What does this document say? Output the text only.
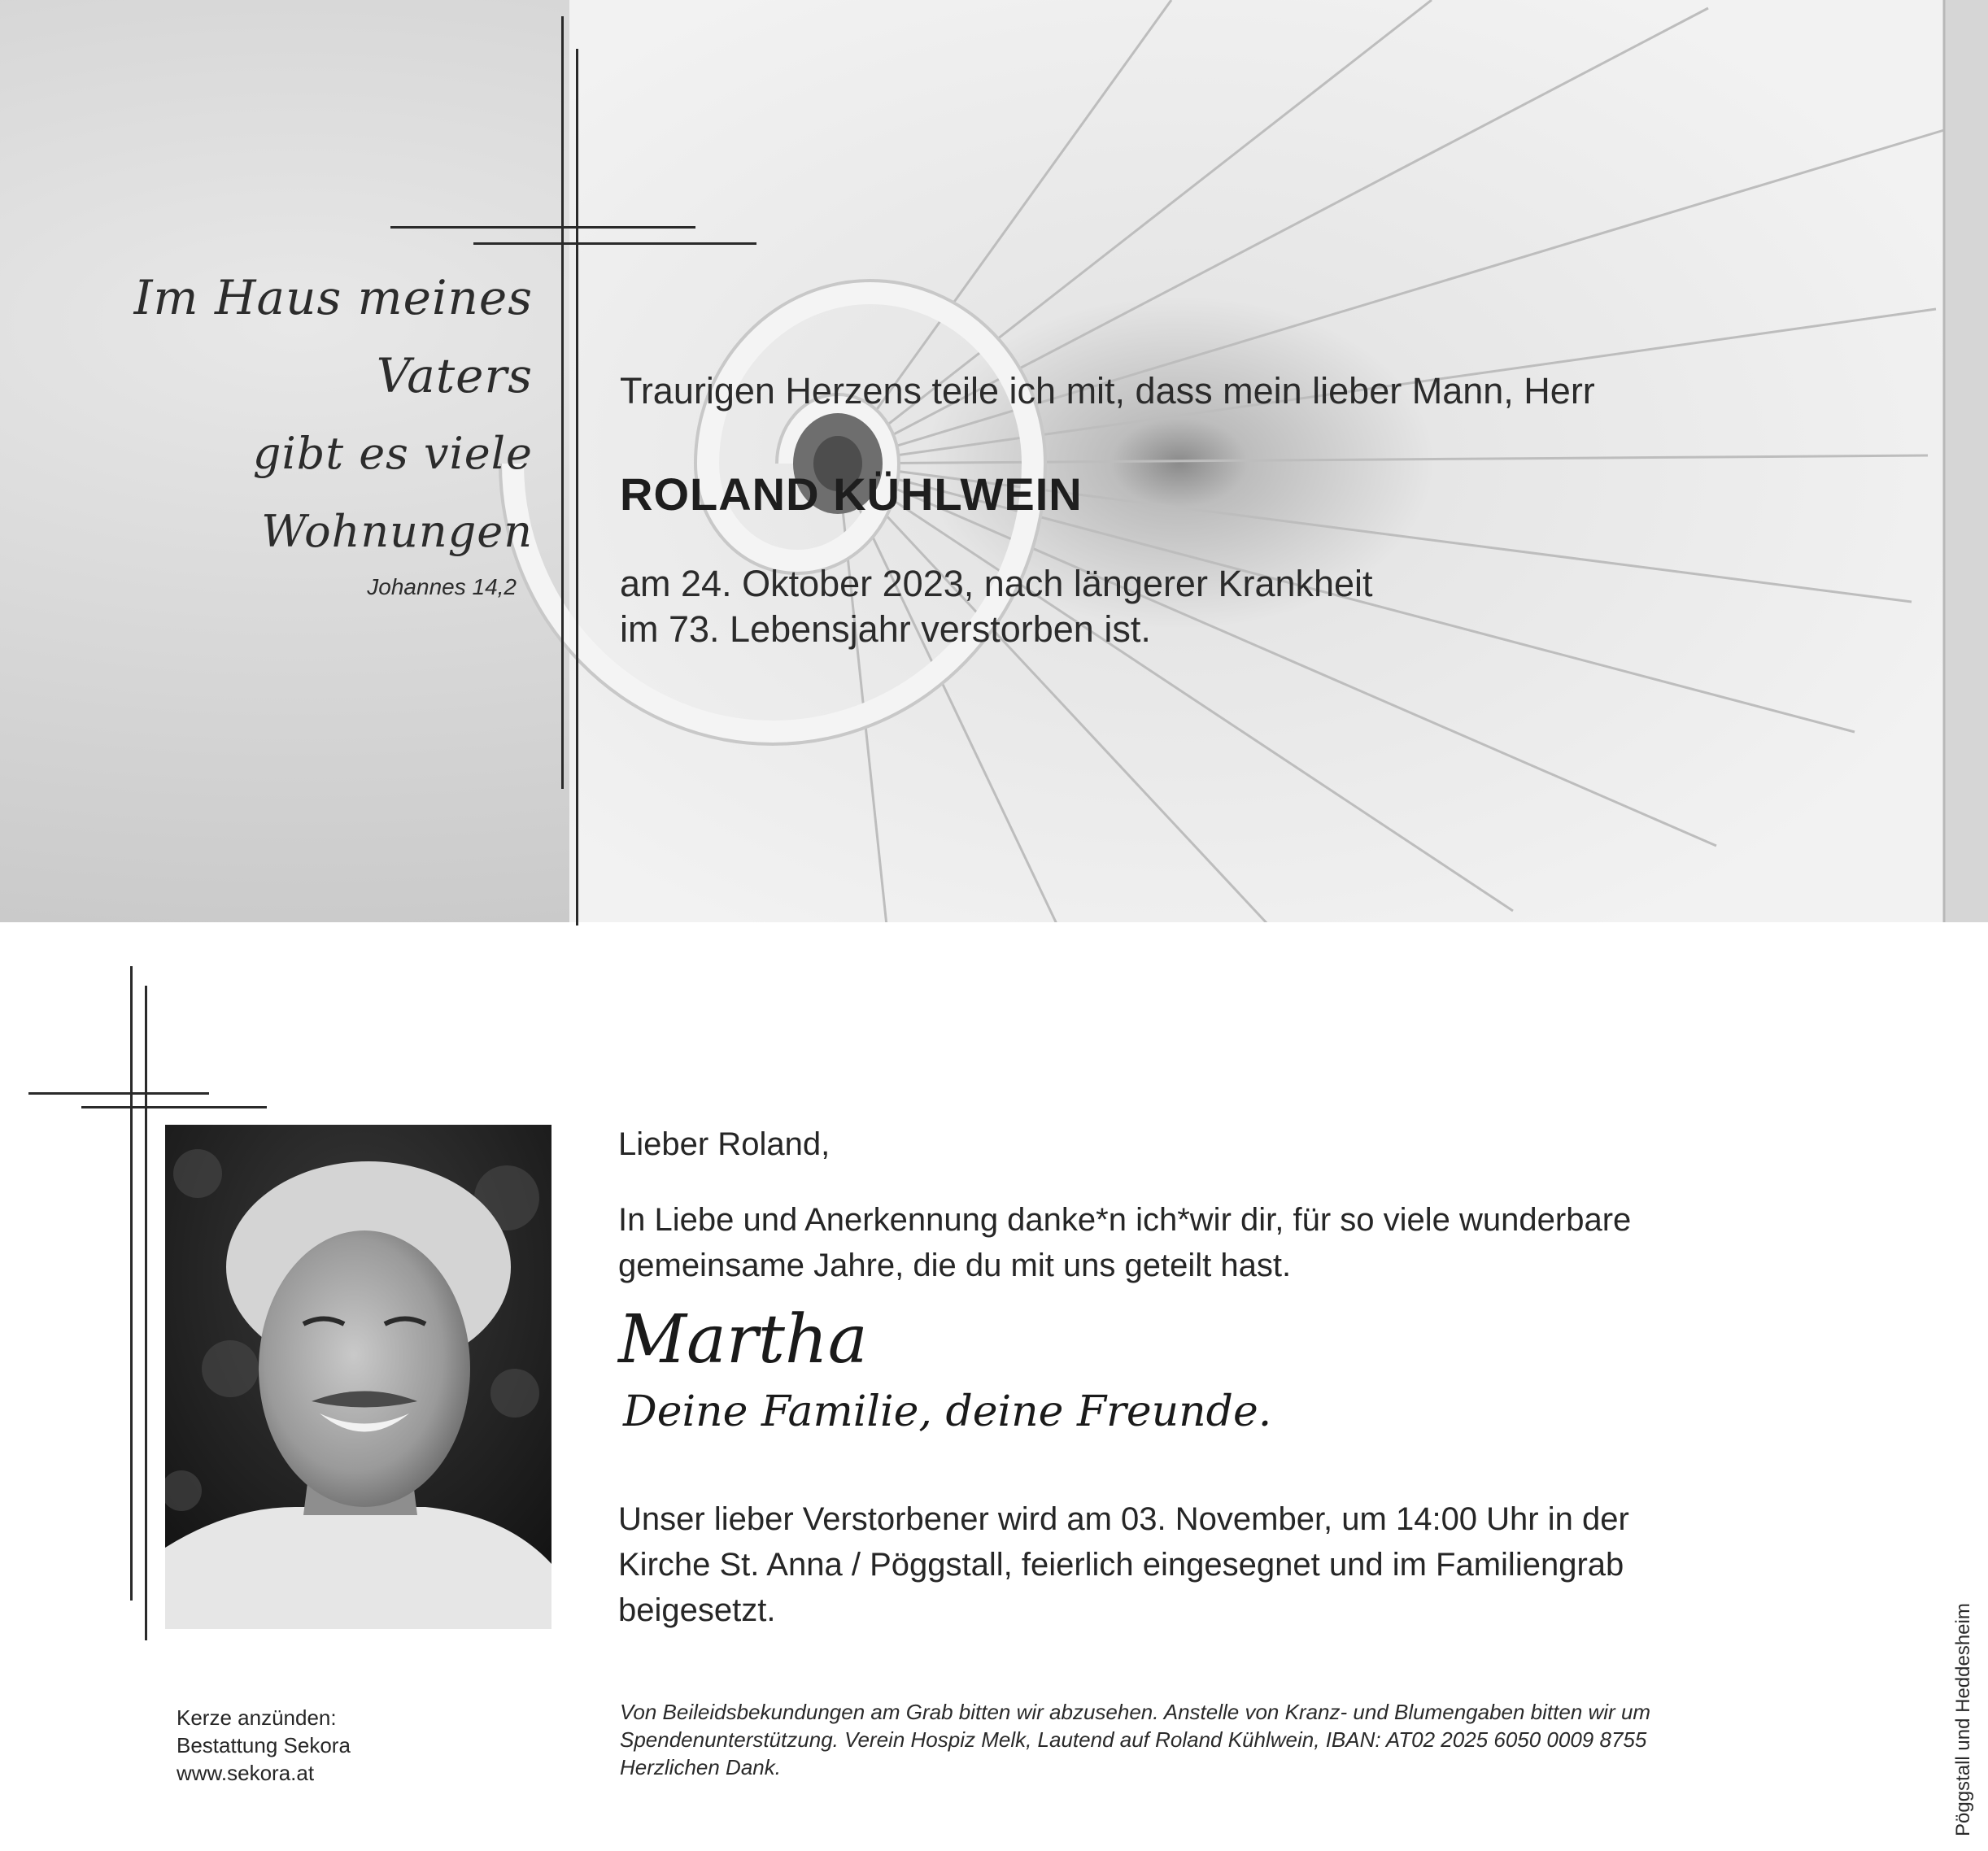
Im Haus meines Vaters
gibt es viele Wohnungen
Johannes 14,2
Traurigen Herzens teile ich mit, dass mein lieber Mann, Herr
ROLAND KÜHLWEIN
am 24. Oktober 2023, nach längerer Krankheit
im 73. Lebensjahr verstorben ist.
Lieber Roland,
In Liebe und Anerkennung danke*n ich*wir dir, für so viele wunderbare
gemeinsame Jahre, die du mit uns geteilt hast.
Martha
Deine Familie, deine Freunde.
Unser lieber Verstorbener wird am 03. November, um 14:00 Uhr in der
Kirche St. Anna / Pöggstall, feierlich eingesegnet und im Familiengrab
beigesetzt.
Kerze anzünden:
Bestattung Sekora
www.sekora.at
Von Beileidsbekundungen am Grab bitten wir abzusehen. Anstelle von Kranz- und Blumengaben bitten wir um
Spendenunterstützung. Verein Hospiz Melk, Lautend auf Roland Kühlwein, IBAN: AT02 2025 6050 0009 8755
Herzlichen Dank.	Pöggstall und Heddesheim
